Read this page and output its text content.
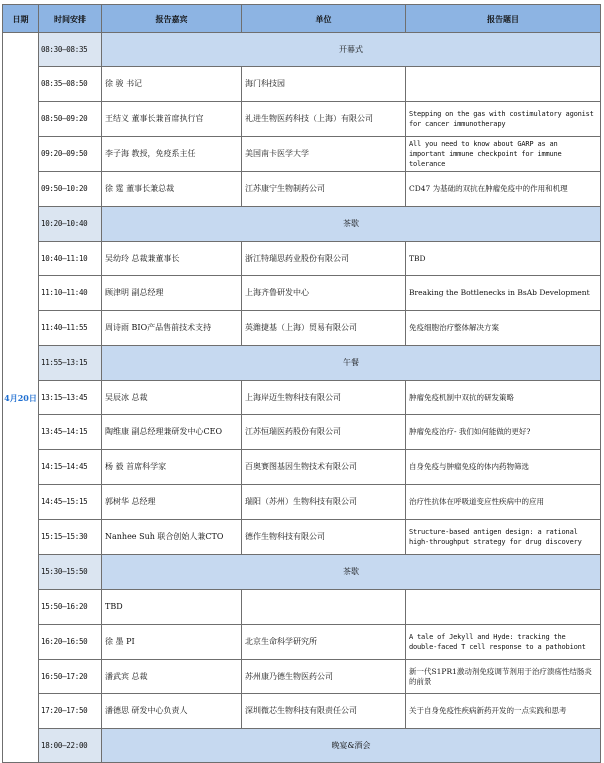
日期	时间安排	报告嘉宾	单位	报告题目
4月20日	08:30—08:35	开幕式		
	08:35—08:50	徐 骏 书记	海门科技园	
	08:50—09:20	王结义 董事长兼首席执行官	礼进生物医药科技（上海）有限公司	Stepping on the gas with costimulatory agonist for cancer immunotherapy
	09:20—09:50	李子海 教授，免疫系主任	美国南卡医学大学	All you need to know about GARP as an important immune checkpoint for immune tolerance
	09:50—10:20	徐 霆 董事长兼总裁	江苏康宁生物制药公司	CD47 为基础的双抗在肿瘤免疫中的作用和机理
	10:20—10:40	茶歇		
	10:40—11:10	吴幼玲 总裁兼董事长	浙江特瑞思药业股份有限公司	TBD
	11:10—11:40	顾津明 副总经理	上海齐鲁研发中心	Breaking the Bottlenecks in BsAb Development
	11:40—11:55	周诗雨 BIO产品售前技术支持	英潍捷基（上海）贸易有限公司	免疫细胞治疗整体解决方案
	11:55—13:15	午餐		
	13:15—13:45	吴辰冰 总裁	上海岸迈生物科技有限公司	肿瘤免疫机制中双抗的研发策略
	13:45—14:15	陶维康 副总经理兼研发中心CEO	江苏恒瑞医药股份有限公司	肿瘤免疫治疗- 我们如何能做的更好?
	14:15—14:45	杨 毅 首席科学家	百奥赛图基因生物技术有限公司	自身免疫与肿瘤免疫的体内药物筛选
	14:45—15:15	郭树华 总经理	瑞阳（苏州）生物科技有限公司	治疗性抗体在呼吸道变应性疾病中的应用
	15:15—15:30	Nanhee Suh 联合创始人兼CTO	德作生物科技有限公司	Structure-based antigen design: a rational high-throughput strategy for drug discovery
	15:30—15:50	茶歇		
	15:50—16:20	TBD		
	16:20—16:50	徐 墨 PI	北京生命科学研究所	A tale of Jekyll and Hyde: tracking the double-faced T cell response to a pathobiont
	16:50—17:20	潘武宾 总裁	苏州康乃德生物医药公司	新一代S1PR1激动剂免疫调节剂用于治疗溃疡性结肠炎的前景
	17:20—17:50	潘德思 研发中心负责人	深圳微芯生物科技有限责任公司	关于自身免疫性疾病新药开发的一点实践和思考
	18:00—22:00	晚宴&酒会		
